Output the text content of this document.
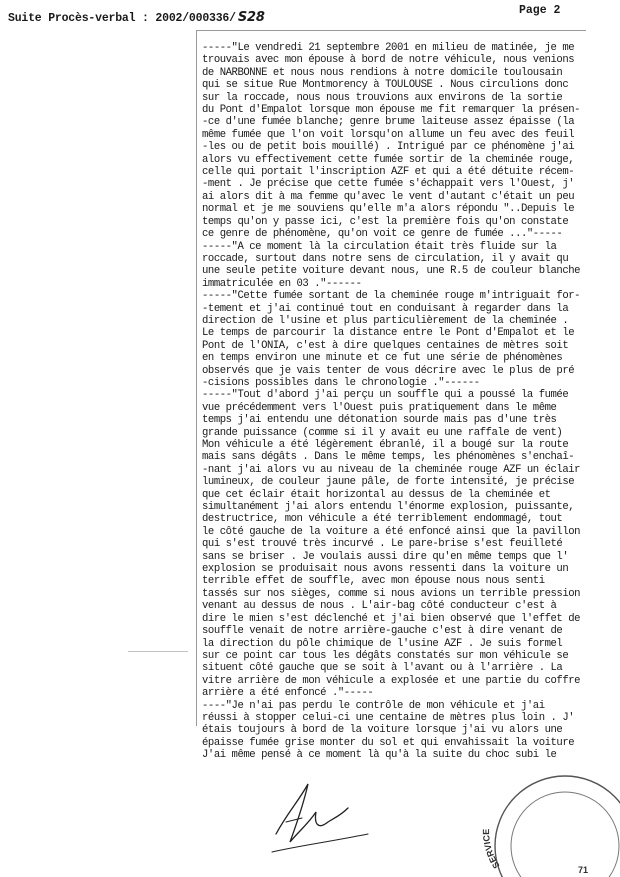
Suite Procès-verbal : 2002/000336/ S28	Page 2
-----"Le vendredi 21 septembre 2001 en milieu de matinée, je me
trouvais avec mon épouse à bord de notre véhicule, nous venions
de NARBONNE et nous nous rendions à notre domicile toulousain
qui se situe Rue Montmorency à TOULOUSE . Nous circulions donc
sur la roccade, nous nous trouvions aux environs de la sortie
du Pont d'Empalot lorsque mon épouse me fit remarquer la présen-
-ce d'une fumée blanche; genre brume laiteuse assez épaisse (la
même fumée que l'on voit lorsqu'on allume un feu avec des feuil
-les ou de petit bois mouillé) . Intrigué par ce phénomène j'ai
alors vu effectivement cette fumée sortir de la cheminée rouge,
celle qui portait l'inscription AZF et qui a été détuite récem-
-ment . Je précise que cette fumée s'échappait vers l'Ouest, j'
ai alors dit à ma femme qu'avec le vent d'autant c'était un peu
normal et je me souviens qu'elle m'a alors répondu "..Depuis le
temps qu'on y passe ici, c'est la première fois qu'on constate
ce genre de phénomène, qu'on voit ce genre de fumée ..."-----
-----"A ce moment là la circulation était très fluide sur la
roccade, surtout dans notre sens de circulation, il y avait qu
une seule petite voiture devant nous, une R.5 de couleur blanche
immatriculée en 03 ."------
-----"Cette fumée sortant de la cheminée rouge m'intriguait for-
-tement et j'ai continué tout en conduisant à regarder dans la
direction de l'usine et plus particulièrement de la cheminée .
Le temps de parcourir la distance entre le Pont d'Empalot et le
Pont de l'ONIA, c'est à dire quelques centaines de mètres soit
en temps environ une minute et ce fut une série de phénomènes
observés que je vais tenter de vous décrire avec le plus de pré
-cisions possibles dans le chronologie ."------
-----"Tout d'abord j'ai perçu un souffle qui a poussé la fumée
vue précédemment vers l'Ouest puis pratiquement dans le même
temps j'ai entendu une détonation sourde mais pas d'une très
grande puissance (comme si il y avait eu une raffale de vent)
Mon véhicule a été légèrement ébranlé, il a bougé sur la route
mais sans dégâts . Dans le même temps, les phénomènes s'enchaî-
-nant j'ai alors vu au niveau de la cheminée rouge AZF un éclair
lumineux, de couleur jaune pâle, de forte intensité, je précise
que cet éclair était horizontal au dessus de la cheminée et
simultanément j'ai alors entendu l'énorme explosion, puissante,
destructrice, mon véhicule a été terriblement endommagé, tout
le côté gauche de la voiture a été enfoncé ainsi que la pavillon
qui s'est trouvé très incurvé . Le pare-brise s'est feuilleté
sans se briser . Je voulais aussi dire qu'en même temps que l'
explosion se produisait nous avons ressenti dans la voiture un
terrible effet de souffle, avec mon épouse nous nous senti
tassés sur nos sièges, comme si nous avions un terrible pression
venant au dessus de nous . L'air-bag côté conducteur c'est à
dire le mien s'est déclenché et j'ai bien observé que l'effet de
souffle venait de notre arrière-gauche c'est à dire venant de
la direction du pôle chimique de l'usine AZF . Je suis formel
sur ce point car tous les dégâts constatés sur mon véhicule se
situent côté gauche que se soit à l'avant ou à l'arrière . La
vitre arrière de mon véhicule a explosée et une partie du coffre
arrière a été enfoncé ."-----
----"Je n'ai pas perdu le contrôle de mon véhicule et j'ai
réussi à stopper celui-ci une centaine de mètres plus loin . J'
étais toujours à bord de la voiture lorsque j'ai vu alors une
épaisse fumée grise monter du sol et qui envahissait la voiture
J'ai même pensé à ce moment là qu'à la suite du choc subi le
SERVICE
71
